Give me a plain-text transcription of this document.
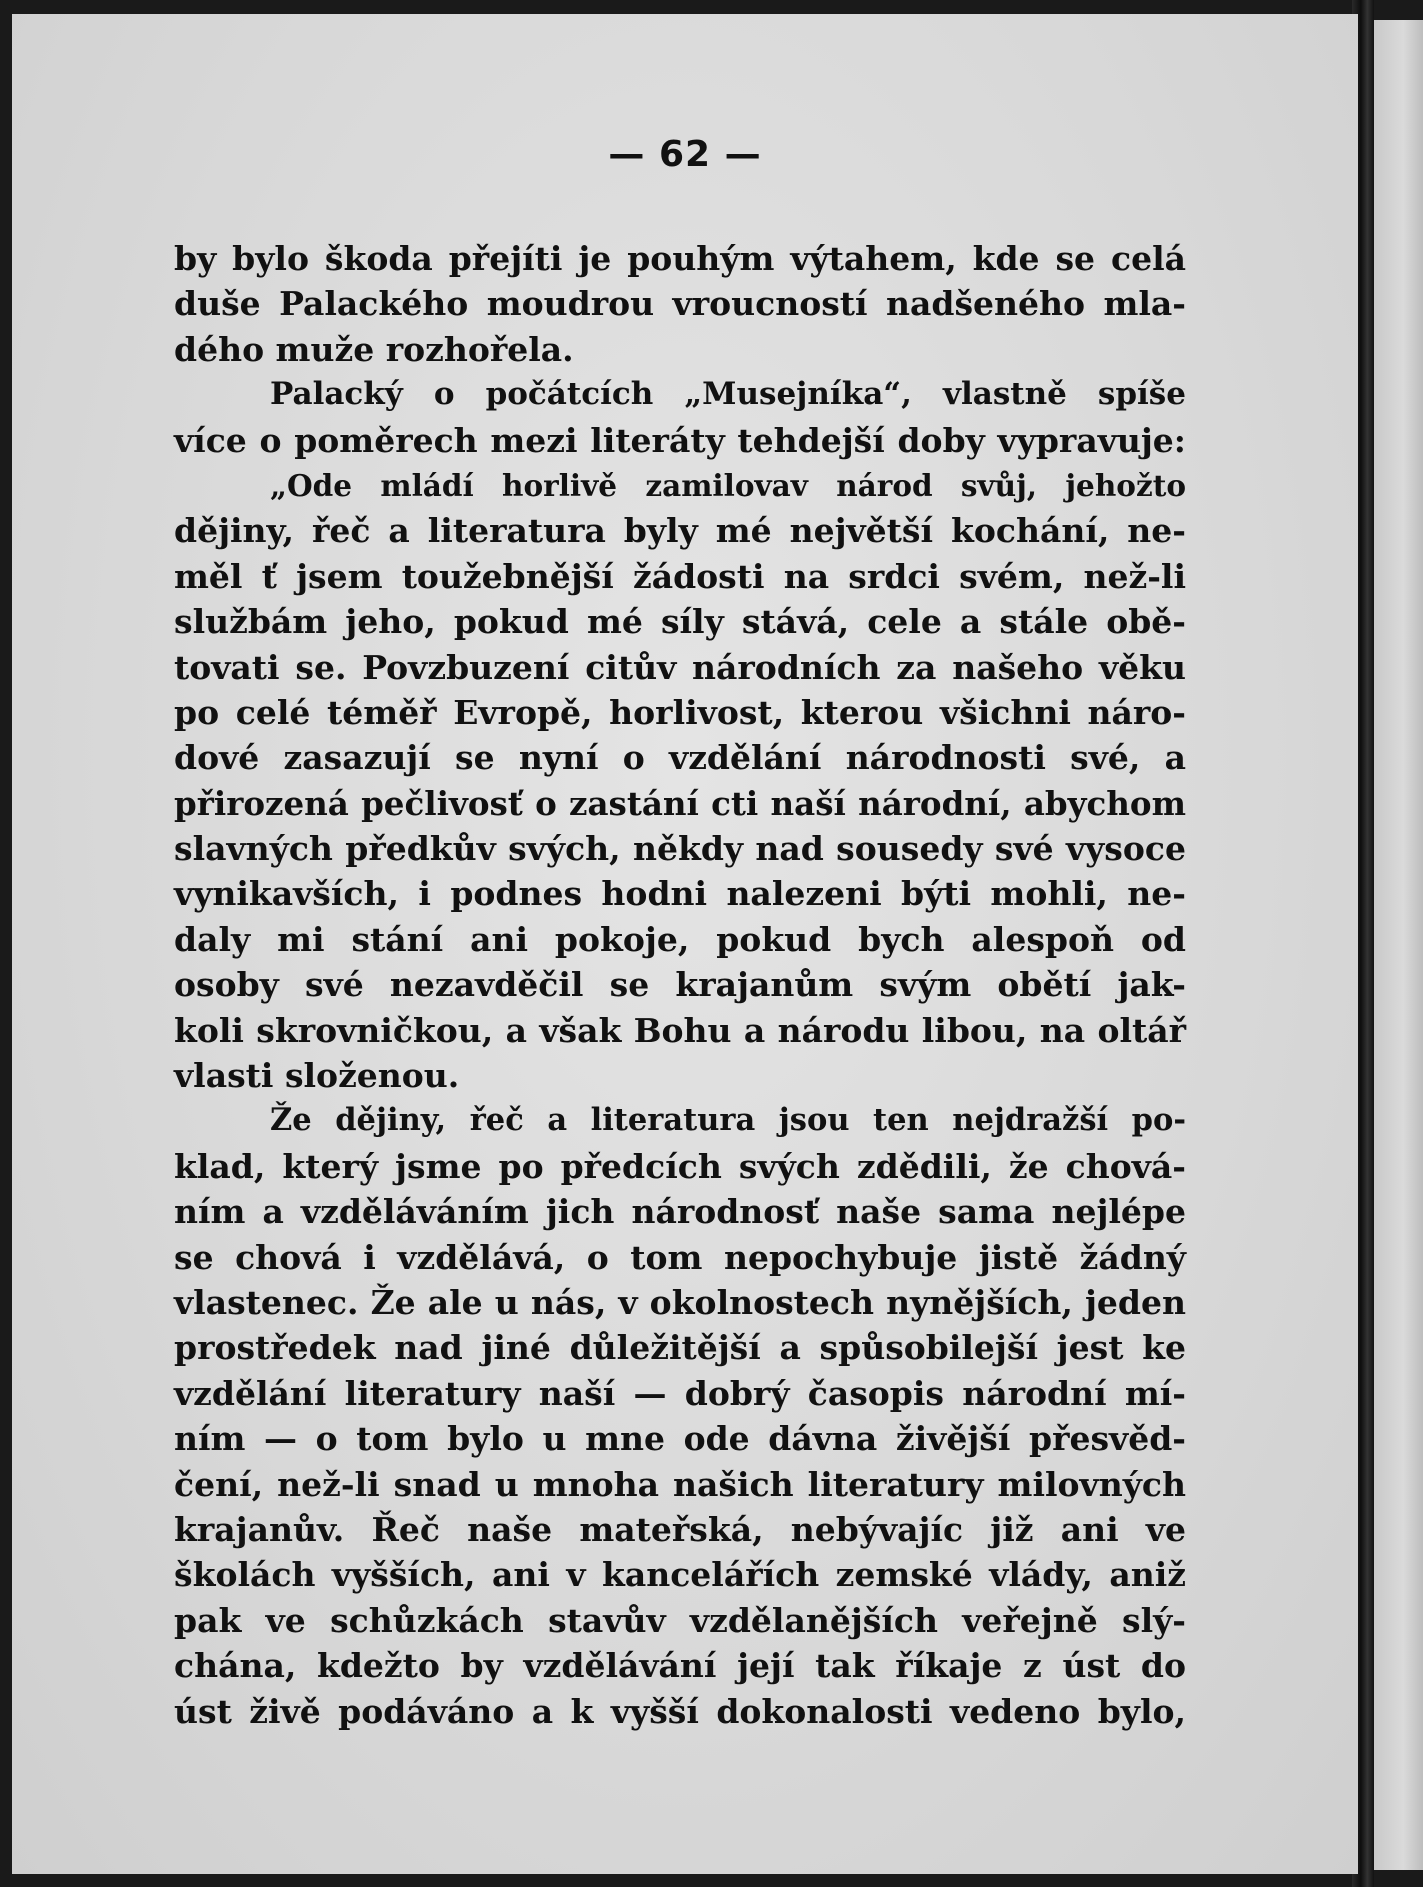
— 62 —
by bylo škoda přejíti je pouhým výtahem, kde se celá
duše Palackého moudrou vroucností nadšeného mla-
dého muže rozhořela.
Palacký o počátcích „Musejníka“, vlastně spíše
více o poměrech mezi literáty tehdejší doby vypravuje:
„Ode mládí horlivě zamilovav národ svůj, jehožto
dějiny, řeč a literatura byly mé největší kochání, ne-
měl ť jsem toužebnější žádosti na srdci svém, než-li
službám jeho, pokud mé síly stává, cele a stále obě-
tovati se. Povzbuzení citův národních za našeho věku
po celé téměř Evropě, horlivost, kterou všichni náro-
dové zasazují se nyní o vzdělání národnosti své, a
přirozená pečlivosť o zastání cti naší národní, abychom
slavných předkův svých, někdy nad sousedy své vysoce
vynikavších, i podnes hodni nalezeni býti mohli, ne-
daly mi stání ani pokoje, pokud bych alespoň od
osoby své nezavděčil se krajanům svým obětí jak-
koli skrovničkou, a však Bohu a národu libou, na oltář
vlasti složenou.
Že dějiny, řeč a literatura jsou ten nejdražší po-
klad, který jsme po předcích svých zdědili, že chová-
ním a vzděláváním jich národnosť naše sama nejlépe
se chová i vzdělává, o tom nepochybuje jistě žádný
vlastenec. Že ale u nás, v okolnostech nynějších, jeden
prostředek nad jiné důležitější a spůsobilejší jest ke
vzdělání literatury naší — dobrý časopis národní mí-
ním — o tom bylo u mne ode dávna živější přesvěd-
čení, než-li snad u mnoha našich literatury milovných
krajanův. Řeč naše mateřská, nebývajíc již ani ve
školách vyšších, ani v kancelářích zemské vlády, aniž
pak ve schůzkách stavův vzdělanějších veřejně slý-
chána, kdežto by vzdělávání její tak říkaje z úst do
úst živě podáváno a k vyšší dokonalosti vedeno bylo,
